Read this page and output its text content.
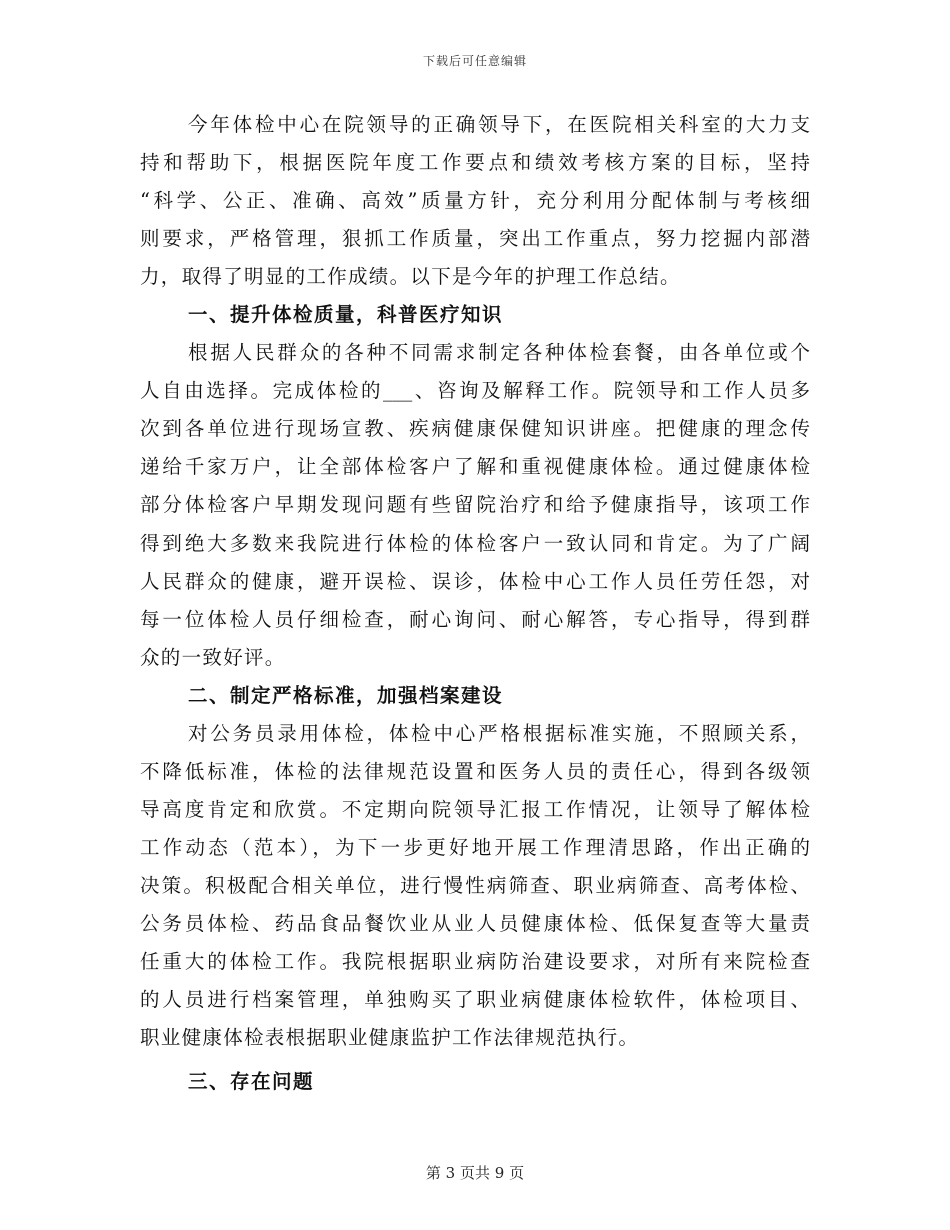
下载后可任意编辑
今年体检中心在院领导的正确领导下，在医院相关科室的大力支
持和帮助下，根据医院年度工作要点和绩效考核方案的目标，坚持
“科学、公正、准确、高效”质量方针，充分利用分配体制与考核细
则要求，严格管理，狠抓工作质量，突出工作重点，努力挖掘内部潜
力，取得了明显的工作成绩。以下是今年的护理工作总结。
一、提升体检质量，科普医疗知识
根据人民群众的各种不同需求制定各种体检套餐，由各单位或个
人自由选择。完成体检的___、咨询及解释工作。院领导和工作人员多
次到各单位进行现场宣教、疾病健康保健知识讲座。把健康的理念传
递给千家万户，让全部体检客户了解和重视健康体检。通过健康体检
部分体检客户早期发现问题有些留院治疗和给予健康指导，该项工作
得到绝大多数来我院进行体检的体检客户一致认同和肯定。为了广阔
人民群众的健康，避开误检、误诊，体检中心工作人员任劳任怨，对
每一位体检人员仔细检查，耐心询问、耐心解答，专心指导，得到群
众的一致好评。
二、制定严格标准，加强档案建设
对公务员录用体检，体检中心严格根据标准实施，不照顾关系，
不降低标准，体检的法律规范设置和医务人员的责任心，得到各级领
导高度肯定和欣赏。不定期向院领导汇报工作情况，让领导了解体检
工作动态（范本），为下一步更好地开展工作理清思路，作出正确的
决策。积极配合相关单位，进行慢性病筛查、职业病筛查、高考体检、
公务员体检、药品食品餐饮业从业人员健康体检、低保复查等大量责
任重大的体检工作。我院根据职业病防治建设要求，对所有来院检查
的人员进行档案管理，单独购买了职业病健康体检软件，体检项目、
职业健康体检表根据职业健康监护工作法律规范执行。
三、存在问题
第 3 页共 9 页
